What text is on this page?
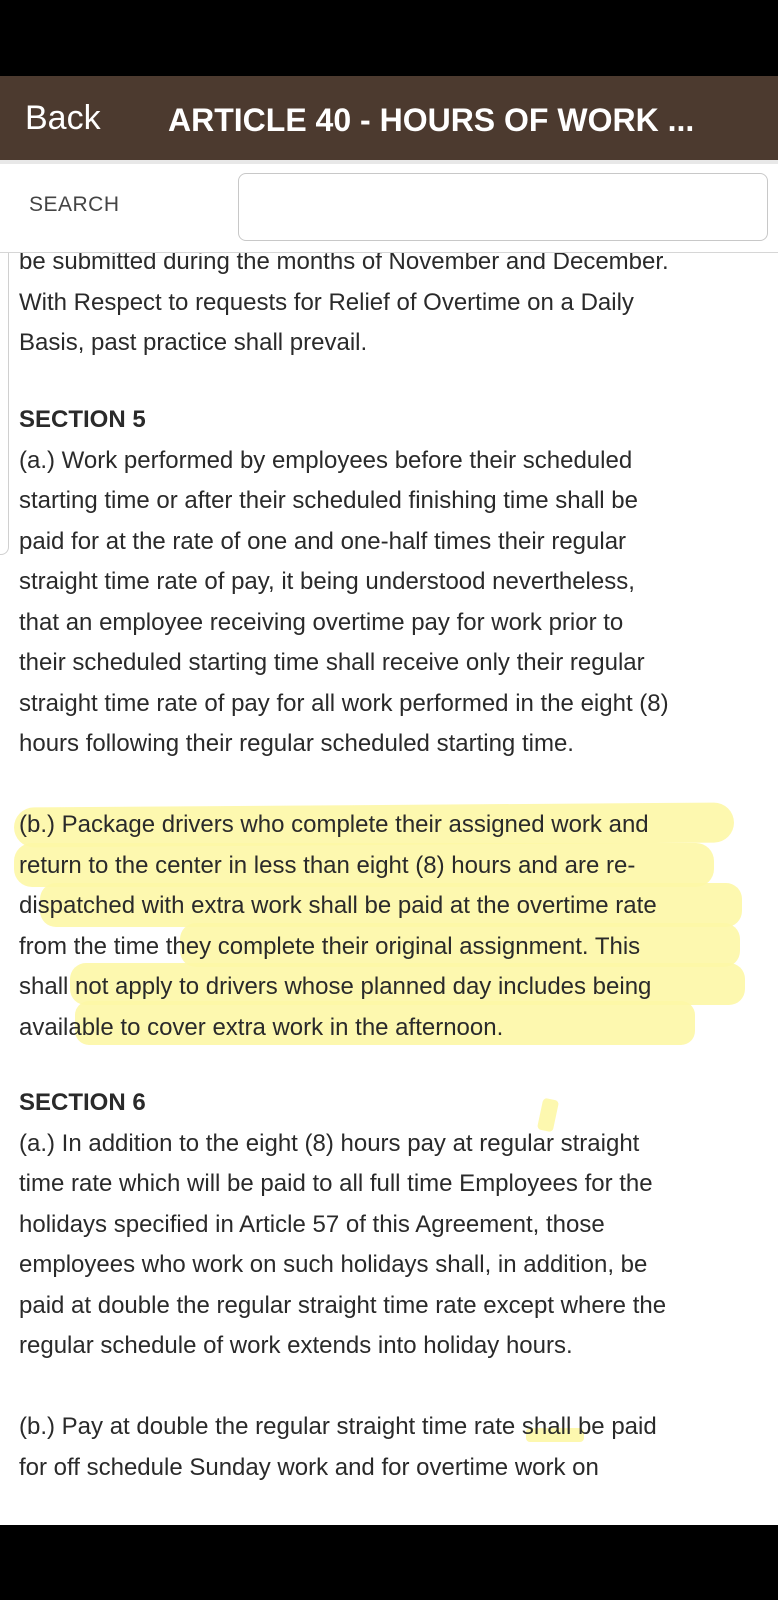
Back ARTICLE 40 - HOURS OF WORK ...
SEARCH
be submitted during the months of November and December.
With Respect to requests for Relief of Overtime on a Daily
Basis, past practice shall prevail.
SECTION 5
(a.) Work performed by employees before their scheduled
starting time or after their scheduled finishing time shall be
paid for at the rate of one and one-half times their regular
straight time rate of pay, it being understood nevertheless,
that an employee receiving overtime pay for work prior to
their scheduled starting time shall receive only their regular
straight time rate of pay for all work performed in the eight (8)
hours following their regular scheduled starting time.
(b.) Package drivers who complete their assigned work and
return to the center in less than eight (8) hours and are re-
dispatched with extra work shall be paid at the overtime rate
from the time they complete their original assignment. This
shall not apply to drivers whose planned day includes being
available to cover extra work in the afternoon.
SECTION 6
(a.) In addition to the eight (8) hours pay at regular straight
time rate which will be paid to all full time Employees for the
holidays specified in Article 57 of this Agreement, those
employees who work on such holidays shall, in addition, be
paid at double the regular straight time rate except where the
regular schedule of work extends into holiday hours.
(b.) Pay at double the regular straight time rate shall be paid
for off schedule Sunday work and for overtime work on
